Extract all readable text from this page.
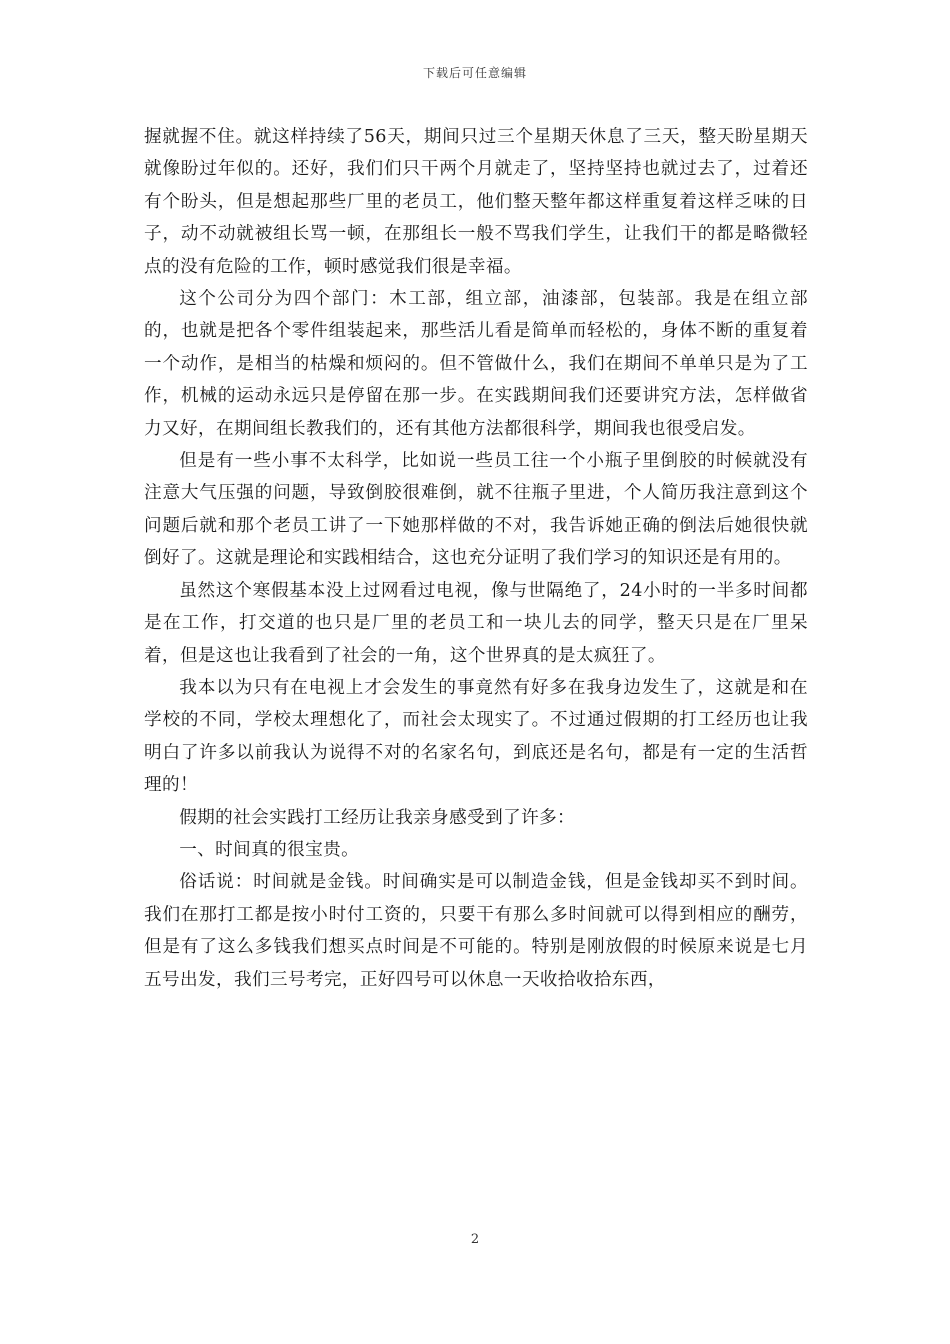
下载后可任意编辑

握就握不住。就这样持续了56天，期间只过三个星期天休息了三天，整天盼星期天就像盼过年似的。还好，我们们只干两个月就走了，坚持坚持也就过去了，过着还有个盼头，但是想起那些厂里的老员工，他们整天整年都这样重复着这样乏味的日子，动不动就被组长骂一顿，在那组长一般不骂我们学生，让我们干的都是略微轻点的没有危险的工作，顿时感觉我们很是幸福。

这个公司分为四个部门：木工部，组立部，油漆部，包装部。我是在组立部的，也就是把各个零件组装起来，那些活儿看是简单而轻松的，身体不断的重复着一个动作，是相当的枯燥和烦闷的。但不管做什么，我们在期间不单单只是为了工作，机械的运动永远只是停留在那一步。在实践期间我们还要讲究方法，怎样做省力又好，在期间组长教我们的，还有其他方法都很科学，期间我也很受启发。

但是有一些小事不太科学，比如说一些员工往一个小瓶子里倒胶的时候就没有注意大气压强的问题，导致倒胶很难倒，就不往瓶子里进，个人简历我注意到这个问题后就和那个老员工讲了一下她那样做的不对，我告诉她正确的倒法后她很快就倒好了。这就是理论和实践相结合，这也充分证明了我们学习的知识还是有用的。

虽然这个寒假基本没上过网看过电视，像与世隔绝了，24小时的一半多时间都是在工作，打交道的也只是厂里的老员工和一块儿去的同学，整天只是在厂里呆着，但是这也让我看到了社会的一角，这个世界真的是太疯狂了。

我本以为只有在电视上才会发生的事竟然有好多在我身边发生了，这就是和在学校的不同，学校太理想化了，而社会太现实了。不过通过假期的打工经历也让我明白了许多以前我认为说得不对的名家名句，到底还是名句，都是有一定的生活哲理的！

假期的社会实践打工经历让我亲身感受到了许多：

一、时间真的很宝贵。

俗话说：时间就是金钱。时间确实是可以制造金钱，但是金钱却买不到时间。我们在那打工都是按小时付工资的，只要干有那么多时间就可以得到相应的酬劳，但是有了这么多钱我们想买点时间是不可能的。特别是刚放假的时候原来说是七月五号出发，我们三号考完，正好四号可以休息一天收拾收拾东西，

2
